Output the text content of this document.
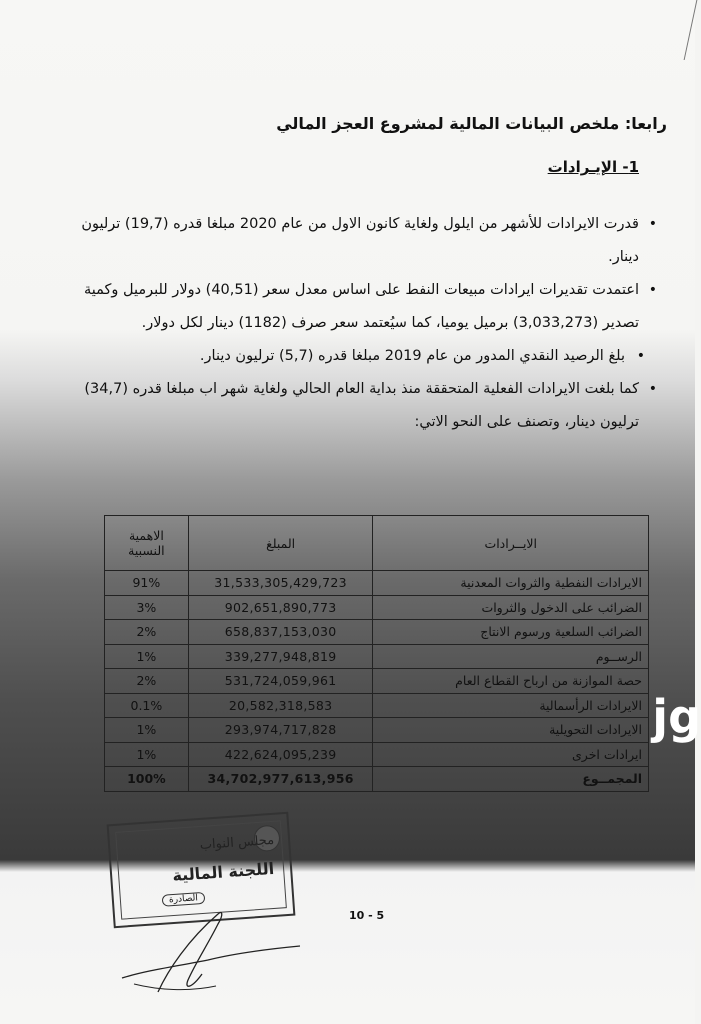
رابعا: ملخص البيانات المالية لمشروع العجز المالي
1- الإيـرادات
• قدرت الايرادات للأشهر من ايلول ولغاية كانون الاول من عام 2020 مبلغا قدره (19,7) ترليون دينار.
• اعتمدت تقديرات ايرادات مبيعات النفط على اساس معدل سعر (40,51) دولار للبرميل وكمية تصدير (3,033,273) برميل يوميا، كما سيُعتمد سعر صرف (1182) دينار لكل دولار.
• بلغ الرصيد النقدي المدور من عام 2019 مبلغا قدره (5,7) ترليون دينار.
• كما بلغت الايرادات الفعلية المتحققة منذ بداية العام الحالي ولغاية شهر اب مبلغا قدره (34,7) ترليون دينار، وتصنف على النحو الاتي:
الايــرادات	المبلغ	الاهمية النسبية
الايرادات النفطية والثروات المعدنية	31,533,305,429,723	91%
الضرائب على الدخول والثروات	902,651,890,773	3%
الضرائب السلعية ورسوم الانتاج	658,837,153,030	2%
الرســوم	339,277,948,819	1%
حصة الموازنة من ارباح القطاع العام	531,724,059,961	2%
الايرادات الرأسمالية	20,582,318,583	0.1%
الايرادات التحويلية	293,974,717,828	1%
ايرادات اخرى	422,624,095,239	1%
المجمــوع	34,702,977,613,956	100%
jg
مجلس النواب
اللجنة المالية
الصادرة
10 - 5
